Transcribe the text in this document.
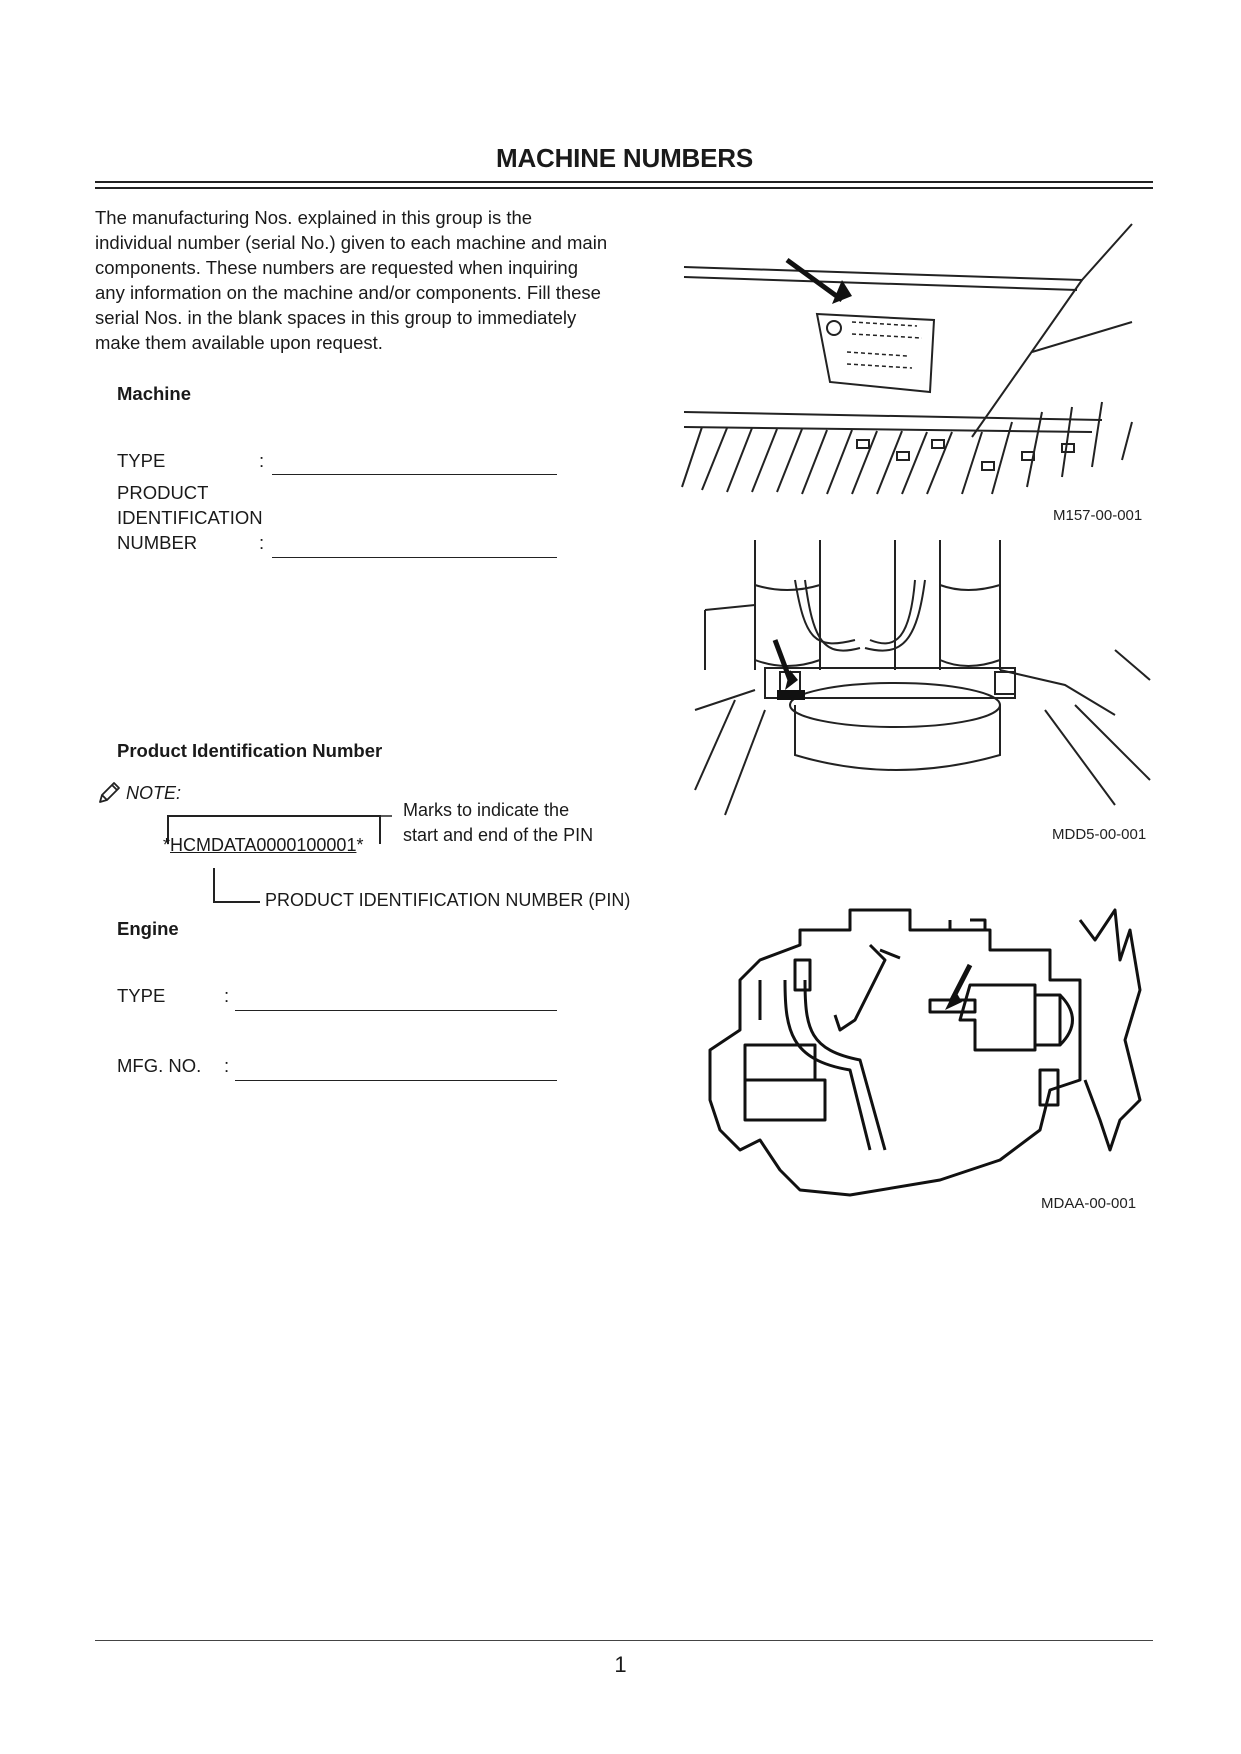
MACHINE NUMBERS
The manufacturing Nos. explained in this group is the
individual number (serial No.) given to each machine and main
components. These numbers are requested when inquiring
any information on the machine and/or components. Fill these
serial Nos. in the blank spaces in this group to immediately
make them available upon request.
Machine
TYPE	:
PRODUCT
IDENTIFICATION
NUMBER	:
Product Identification Number
NOTE:
*HCMDATA0000100001*
Marks to indicate the
start and end of the PIN
PRODUCT IDENTIFICATION NUMBER (PIN)
Engine
TYPE	:
MFG. NO. :
M157-00-001
MDD5-00-001
MDAA-00-001
1
